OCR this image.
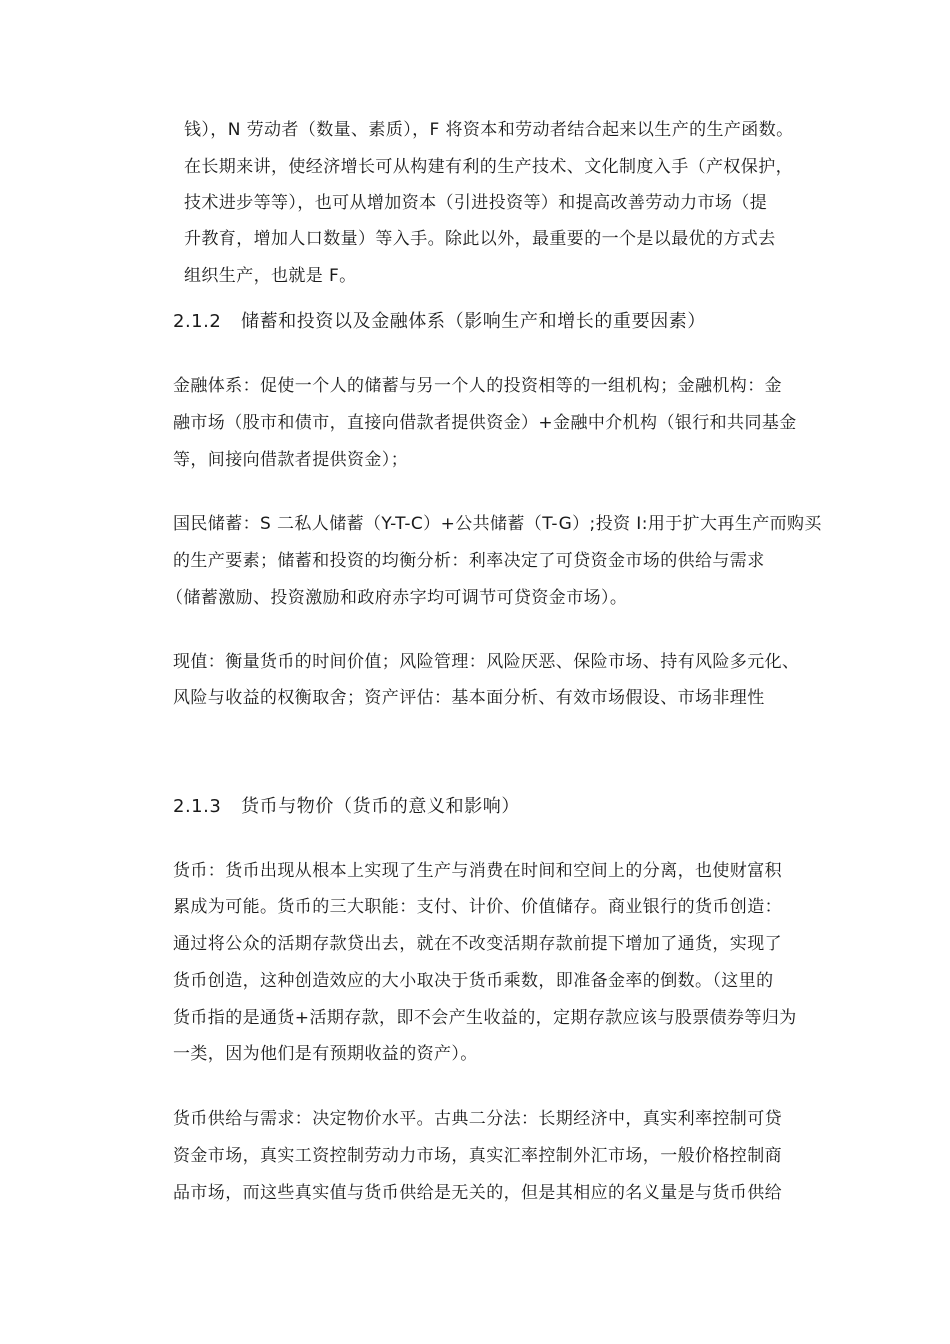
钱），N 劳动者（数量、素质），F 将资本和劳动者结合起来以生产的生产函数。
在长期来讲，使经济增长可从构建有利的生产技术、文化制度入手（产权保护，
技术进步等等），也可从增加资本（引进投资等）和提高改善劳动力市场（提
升教育，增加人口数量）等入手。除此以外，最重要的一个是以最优的方式去
组织生产，也就是 F。
2.1.2 储蓄和投资以及金融体系（影响生产和增长的重要因素）
金融体系：促使一个人的储蓄与另一个人的投资相等的一组机构；金融机构：金
融市场（股市和债市，直接向借款者提供资金）+金融中介机构（银行和共同基金
等，间接向借款者提供资金）；
国民储蓄：S 二私人储蓄（Y-T-C）+公共储蓄（T-G）;投资 I:用于扩大再生产而购买
的生产要素；储蓄和投资的均衡分析：利率决定了可贷资金市场的供给与需求
（储蓄激励、投资激励和政府赤字均可调节可贷资金市场）。
现值：衡量货币的时间价值；风险管理：风险厌恶、保险市场、持有风险多元化、
风险与收益的权衡取舍；资产评估：基本面分析、有效市场假设、市场非理性
2.1.3 货币与物价（货币的意义和影响）
货币：货币出现从根本上实现了生产与消费在时间和空间上的分离，也使财富积
累成为可能。货币的三大职能：支付、计价、价值储存。商业银行的货币创造：
通过将公众的活期存款贷出去，就在不改变活期存款前提下增加了通货，实现了
货币创造，这种创造效应的大小取决于货币乘数，即准备金率的倒数。（这里的
货币指的是通货+活期存款，即不会产生收益的，定期存款应该与股票债券等归为
一类，因为他们是有预期收益的资产）。
货币供给与需求：决定物价水平。古典二分法：长期经济中，真实利率控制可贷
资金市场，真实工资控制劳动力市场，真实汇率控制外汇市场，一般价格控制商
品市场，而这些真实值与货币供给是无关的，但是其相应的名义量是与货币供给
